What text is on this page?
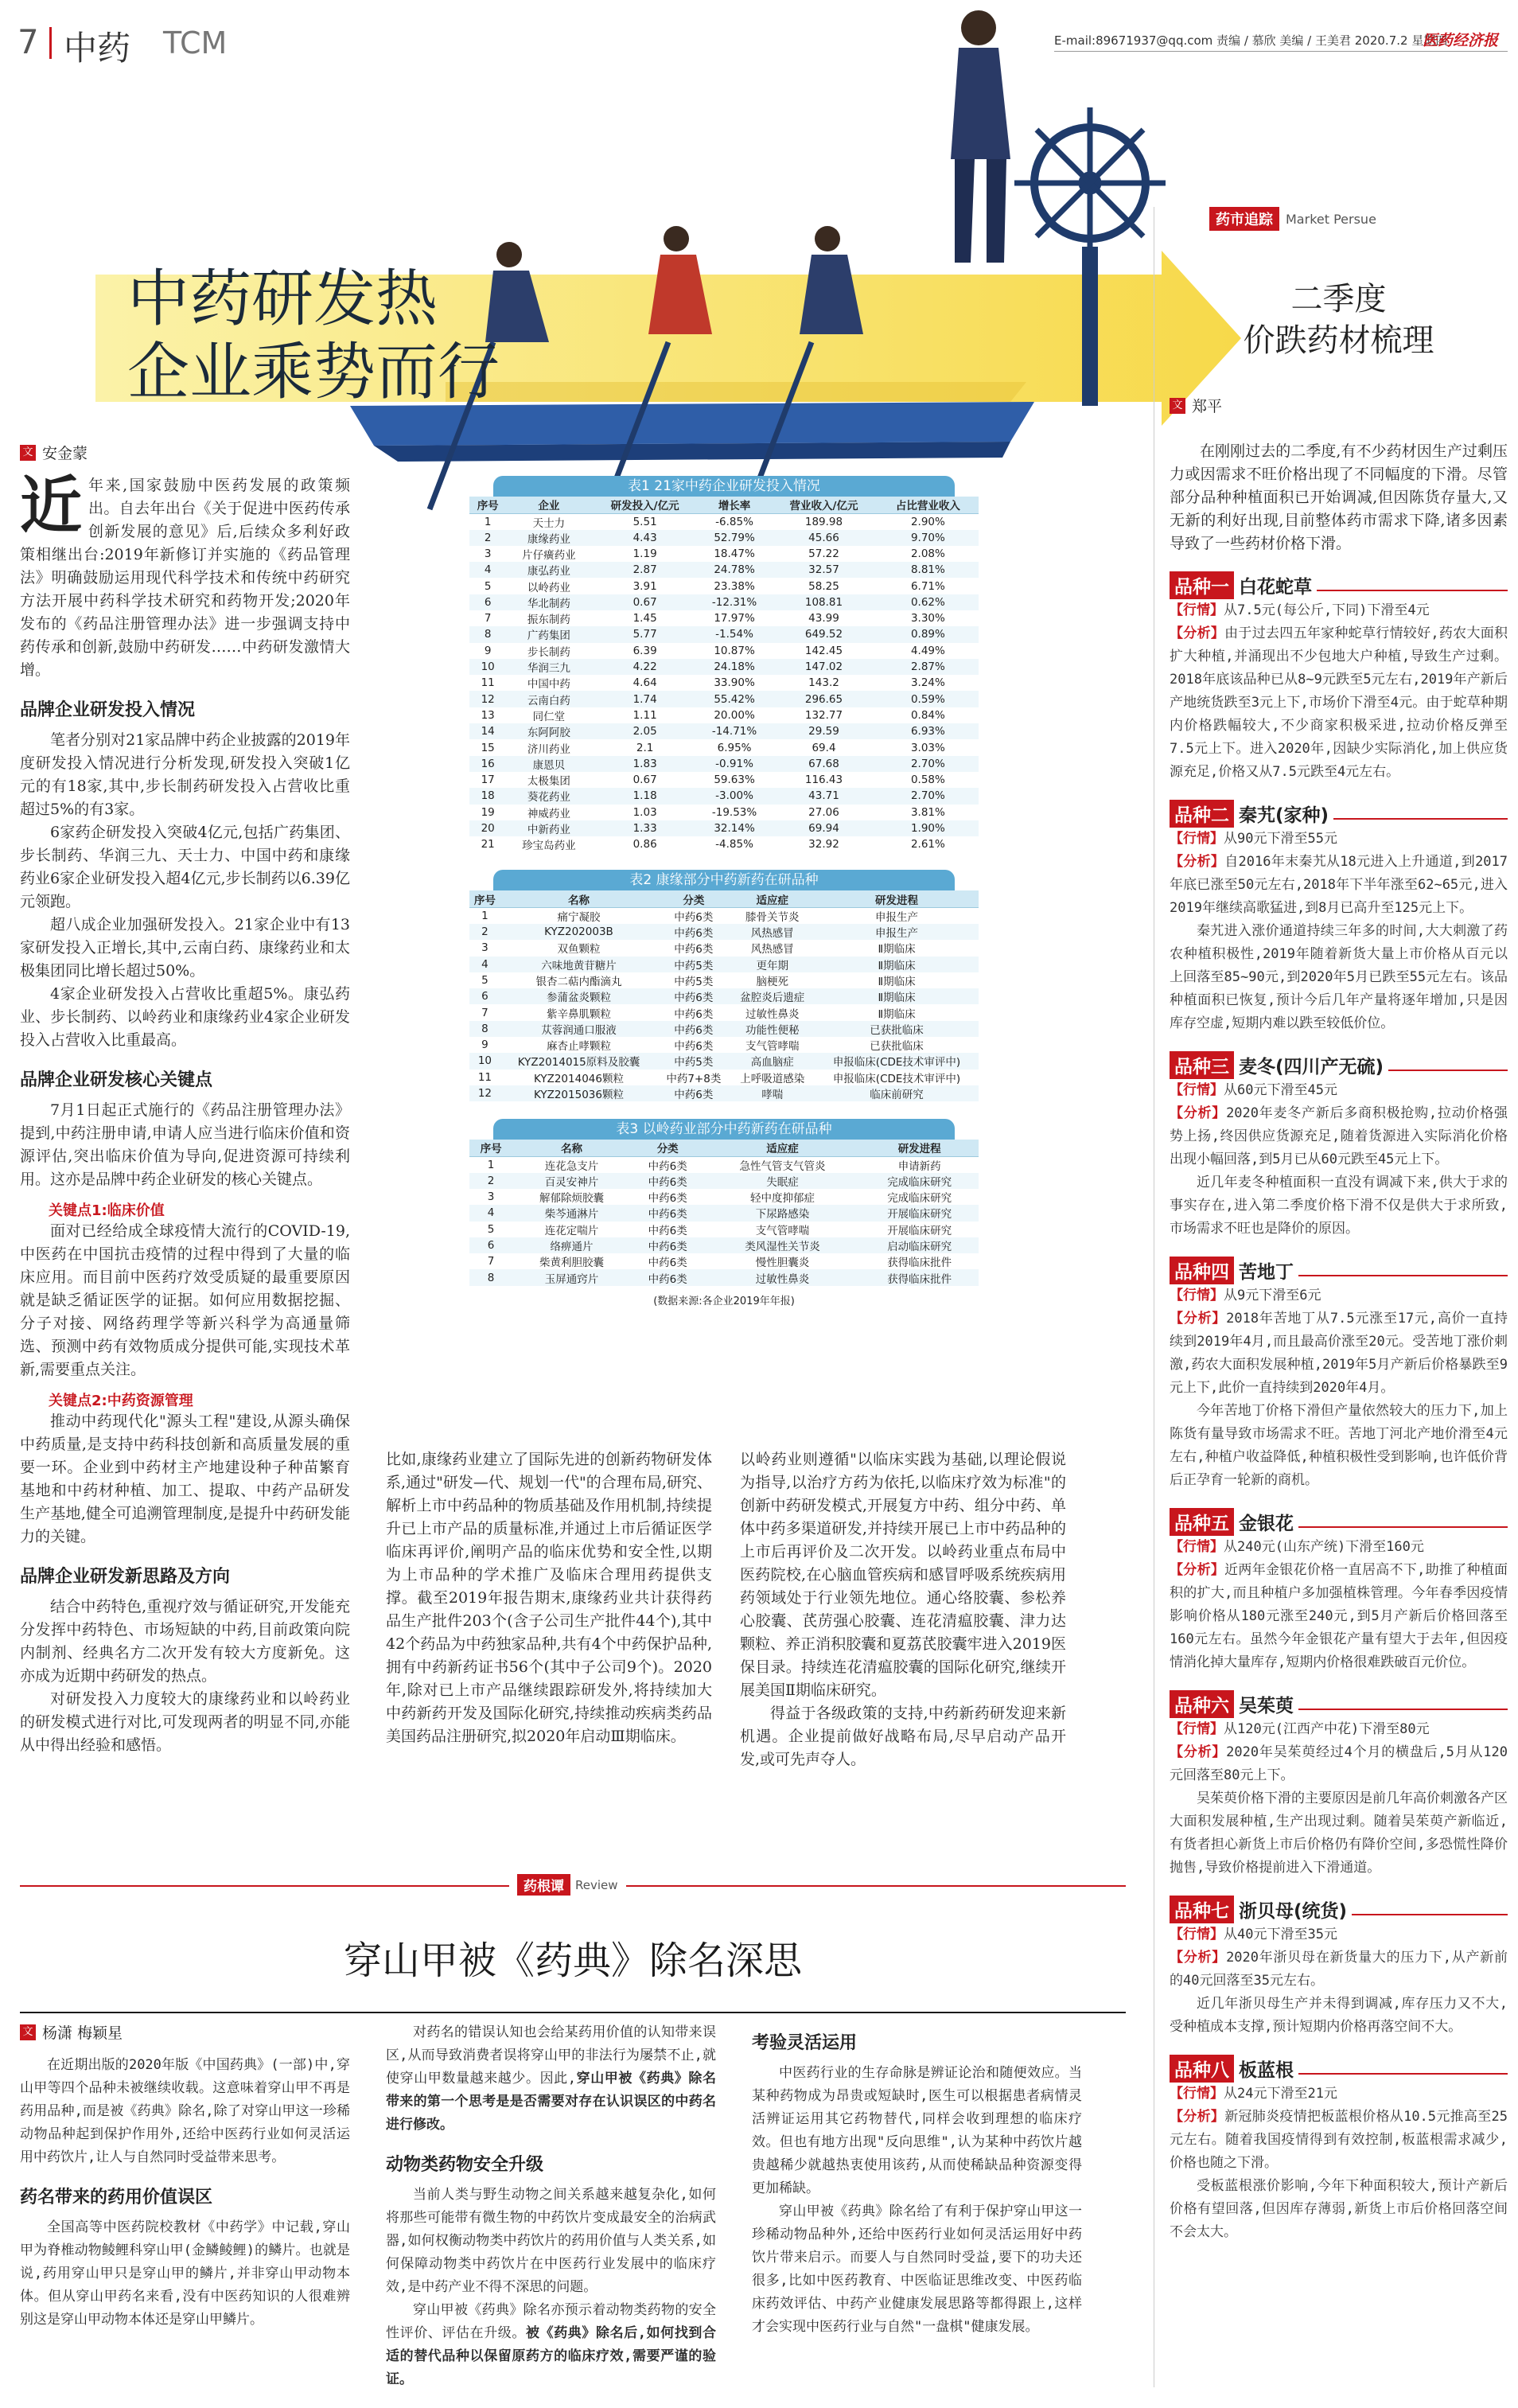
7 中药 TCM	E-mail:89671937@qq.com 责编 / 慕欣 美编 / 王美君 2020.7.2 星期四
医药经济报
中药研发热
企业乘势而行
文 安金蒙
近 年来,国家鼓励中医药发展的政策频出。自去年出台《关于促进中医药传承创新发展的意见》后,后续众多利好政策相继出台:2019年新修订并实施的《药品管理法》明确鼓励运用现代科学技术和传统中药研究方法开展中药科学技术研究和药物开发;2020年发布的《药品注册管理办法》进一步强调支持中药传承和创新,鼓励中药研发……中药研发激情大增。

品牌企业研发投入情况

笔者分别对21家品牌中药企业披露的2019年度研发投入情况进行分析发现,研发投入突破1亿元的有18家,其中,步长制药研发投入占营收比重超过5%的有3家。

6家药企研发投入突破4亿元,包括广药集团、步长制药、华润三九、天士力、中国中药和康缘药业6家企业研发投入超4亿元,步长制药以6.39亿元领跑。

超八成企业加强研发投入。21家企业中有13家研发投入正增长,其中,云南白药、康缘药业和太极集团同比增长超过50%。

4家企业研发投入占营收比重超5%。康弘药业、步长制药、以岭药业和康缘药业4家企业研发投入占营收入比重最高。

品牌企业研发核心关键点

7月1日起正式施行的《药品注册管理办法》提到,中药注册申请,申请人应当进行临床价值和资源评估,突出临床价值为导向,促进资源可持续利用。这亦是品牌中药企业研发的核心关键点。

关键点1:临床价值

面对已经给成全球疫情大流行的COVID-19,中医药在中国抗击疫情的过程中得到了大量的临床应用。而目前中医药疗效受质疑的最重要原因就是缺乏循证医学的证据。如何应用数据挖掘、分子对接、网络药理学等新兴科学为高通量筛选、预测中药有效物质成分提供可能,实现技术革新,需要重点关注。

关键点2:中药资源管理

推动中药现代化"源头工程"建设,从源头确保中药质量,是支持中药科技创新和高质量发展的重要一环。企业到中药材主产地建设种子种苗繁育基地和中药材种植、加工、提取、中药产品研发生产基地,健全可追溯管理制度,是提升中药研发能力的关键。

品牌企业研发新思路及方向

结合中药特色,重视疗效与循证研究,开发能充分发挥中药特色、市场短缺的中药,目前政策向院内制剂、经典名方二次开发有较大方度新免。这亦成为近期中药研发的热点。

对研发投入力度较大的康缘药业和以岭药业的研发模式进行对比,可发现两者的明显不同,亦能从中得出经验和感悟。

表1 21家中药企业研发投入情况
序号	企业	研发投入/亿元	增长率	营业收入/亿元	占比营业收入
1	天士力	5.51	-6.85%	189.98	2.90%
2	康缘药业	4.43	52.79%	45.66	9.70%
3	片仔癀药业	1.19	18.47%	57.22	2.08%
4	康弘药业	2.87	24.78%	32.57	8.81%
5	以岭药业	3.91	23.38%	58.25	6.71%
6	华北制药	0.67	-12.31%	108.81	0.62%
7	振东制药	1.45	17.97%	43.99	3.30%
8	广药集团	5.77	-1.54%	649.52	0.89%
9	步长制药	6.39	10.87%	142.45	4.49%
10	华润三九	4.22	24.18%	147.02	2.87%
11	中国中药	4.64	33.90%	143.2	3.24%
12	云南白药	1.74	55.42%	296.65	0.59%
13	同仁堂	1.11	20.00%	132.77	0.84%
14	东阿阿胶	2.05	-14.71%	29.59	6.93%
15	济川药业	2.1	6.95%	69.4	3.03%
16	康恩贝	1.83	-0.91%	67.68	2.70%
17	太极集团	0.67	59.63%	116.43	0.58%
18	葵花药业	1.18	-3.00%	43.71	2.70%
19	神威药业	1.03	-19.53%	27.06	3.81%
20	中新药业	1.33	32.14%	69.94	1.90%
21	珍宝岛药业	0.86	-4.85%	32.92	2.61%
表2 康缘部分中药新药在研品种
序号	名称	分类	适应症	研发进程
1	痛宁凝胶	中药6类	膝骨关节炎	申报生产
2	KYZ202003B	中药6类	风热感冒	申报生产
3	双鱼颗粒	中药6类	风热感冒	Ⅱ期临床
4	六味地黄苷糖片	中药5类	更年期	Ⅱ期临床
5	银杏二萜内酯滴丸	中药5类	脑梗死	Ⅱ期临床
6	参蒲盆炎颗粒	中药6类	盆腔炎后遗症	Ⅱ期临床
7	紫辛鼻肌颗粒	中药6类	过敏性鼻炎	Ⅱ期临床
8	苁蓉润通口服液	中药6类	功能性便秘	已获批临床
9	麻杏止哮颗粒	中药6类	支气管哮喘	已获批临床
10	KYZ2014015原料及胶囊	中药5类	高血脑症	申报临床(CDE技术审评中)
11	KYZ2014046颗粒	中药7+8类	上呼吸道感染	申报临床(CDE技术审评中)
12	KYZ2015036颗粒	中药6类	哮喘	临床前研究
表3 以岭药业部分中药新药在研品种
序号	名称	分类	适应症	研发进程
1	连花急支片	中药6类	急性气管支气管炎	申请新药
2	百灵安神片	中药6类	失眠症	完成临床研究
3	解郁除烦胶囊	中药6类	轻中度抑郁症	完成临床研究
4	柴芩通淋片	中药6类	下尿路感染	开展临床研究
5	连花定喘片	中药6类	支气管哮喘	开展临床研究
6	络痹通片	中药6类	类风湿性关节炎	启动临床研究
7	柴黄利胆胶囊	中药6类	慢性胆囊炎	获得临床批件
8	玉屏通窍片	中药6类	过敏性鼻炎	获得临床批件
(数据来源:各企业2019年年报)

比如,康缘药业建立了国际先进的创新药物研发体系,通过"研发—代、规划一代"的合理布局,研究、解析上市中药品种的物质基础及作用机制,持续提升已上市产品的质量标准,并通过上市后循证医学临床再评价,阐明产品的临床优势和安全性,以期为上市品种的学术推广及临床合理用药提供支撑。截至2019年报告期末,康缘药业共计获得药品生产批件203个(含子公司生产批件44个),其中42个药品为中药独家品种,共有4个中药保护品种,拥有中药新药证书56个(其中子公司9个)。2020年,除对已上市产品继续跟踪研发外,将持续加大中药新药开发及国际化研究,持续推动疾病类药品美国药品注册研究,拟2020年启动Ⅲ期临床。

以岭药业则遵循"以临床实践为基础,以理论假说为指导,以治疗方药为依托,以临床疗效为标准"的创新中药研发模式,开展复方中药、组分中药、单体中药多渠道研发,并持续开展已上市中药品种的上市后再评价及二次开发。以岭药业重点布局中医药院校,在心脑血管疾病和感冒呼吸系统疾病用药领域处于行业领先地位。通心络胶囊、参松养心胶囊、芪苈强心胶囊、连花清瘟胶囊、津力达颗粒、养正消积胶囊和夏荔芪胶囊牢进入2019医保目录。持续连花清瘟胶囊的国际化研究,继续开展美国Ⅱ期临床研究。

得益于各级政策的支持,中药新药研发迎来新机遇。企业提前做好战略布局,尽早启动产品开发,或可先声夺人。

药市追踪	Market Persue
二季度
价跌药材梳理
文 郑平

在刚刚过去的二季度,有不少药材因生产过剩压力或因需求不旺价格出现了不同幅度的下滑。尽管部分品种种植面积已开始调减,但因陈货存量大,又无新的利好出现,目前整体药市需求下降,诸多因素导致了一些药材价格下滑。

品种一 白花蛇草
【行情】从7.5元(每公斤,下同)下滑至4元
【分析】由于过去四五年家种蛇草行情较好,药农大面积扩大种植,并涌现出不少包地大户种植,导致生产过剩。2018年底该品种已从8~9元跌至5元左右,2019年产新后产地统货跌至3元上下,市场价下滑至4元。由于蛇草种期内价格跌幅较大,不少商家积极采进,拉动价格反弹至7.5元上下。进入2020年,因缺少实际消化,加上供应货源充足,价格又从7.5元跌至4元左右。
品种二 秦艽(家种)
【行情】从90元下滑至55元
【分析】自2016年末秦艽从18元进入上升通道,到2017年底已涨至50元左右,2018年下半年涨至62~65元,进入2019年继续高歌猛进,到8月已高升至125元上下。
秦艽进入涨价通道持续三年多的时间,大大刺激了药农种植积极性,2019年随着新货大量上市价格从百元以上回落至85~90元,到2020年5月已跌至55元左右。该品种植面积已恢复,预计今后几年产量将逐年增加,只是因库存空虚,短期内难以跌至较低价位。
品种三 麦冬(四川产无硫)
【行情】从60元下滑至45元
【分析】2020年麦冬产新后多商积极抢购,拉动价格强势上扬,终因供应货源充足,随着货源进入实际消化价格出现小幅回落,到5月已从60元跌至45元上下。
近几年麦冬种植面积一直没有调减下来,供大于求的事实存在,进入第二季度价格下滑不仅是供大于求所致,市场需求不旺也是降价的原因。
品种四 苦地丁
【行情】从9元下滑至6元
【分析】2018年苦地丁从7.5元涨至17元,高价一直持续到2019年4月,而且最高价涨至20元。受苦地丁涨价刺激,药农大面积发展种植,2019年5月产新后价格暴跌至9元上下,此价一直持续到2020年4月。
今年苦地丁价格下滑但产量依然较大的压力下,加上陈货有量导致市场需求不旺。苦地丁河北产地价滑至4元左右,种植户收益降低,种植积极性受到影响,也许低价背后正孕育一轮新的商机。
品种五 金银花
【行情】从240元(山东产统)下滑至160元
【分析】近两年金银花价格一直居高不下,助推了种植面积的扩大,而且种植户多加强植株管理。今年春季因疫情影响价格从180元涨至240元,到5月产新后价格回落至160元左右。虽然今年金银花产量有望大于去年,但因疫情消化掉大量库存,短期内价格很难跌破百元价位。
品种六 吴茱萸
【行情】从120元(江西产中花)下滑至80元
【分析】2020年吴茱萸经过4个月的横盘后,5月从120元回落至80元上下。
吴茱萸价格下滑的主要原因是前几年高价刺激各产区大面积发展种植,生产出现过剩。随着吴茱萸产新临近,有货者担心新货上市后价格仍有降价空间,多恐慌性降价抛售,导致价格提前进入下滑通道。
品种七 浙贝母(统货)
【行情】从40元下滑至35元
【分析】2020年浙贝母在新货量大的压力下,从产新前的40元回落至35元左右。
近几年浙贝母生产并未得到调减,库存压力又不大,受种植成本支撑,预计短期内价格再落空间不大。
品种八 板蓝根
【行情】从24元下滑至21元
【分析】新冠肺炎疫情把板蓝根价格从10.5元推高至25元左右。随着我国疫情得到有效控制,板蓝根需求减少,价格也随之下滑。
受板蓝根涨价影响,今年下种面积较大,预计产新后价格有望回落,但因库存薄弱,新货上市后价格回落空间不会太大。
药根谭 Review
穿山甲被《药典》除名深思
文 杨潇 梅颖星

在近期出版的2020年版《中国药典》(一部)中,穿山甲等四个品种未被继续收载。这意味着穿山甲不再是药用品种,而是被《药典》除名,除了对穿山甲这一珍稀动物品种起到保护作用外,还给中医药行业如何灵活运用中药饮片,让人与自然同时受益带来思考。

药名带来的药用价值误区

全国高等中医药院校教材《中药学》中记载,穿山甲为脊椎动物鲮鲤科穿山甲(金鳞鲮鲤)的鳞片。也就是说,药用穿山甲只是穿山甲的鳞片,并非穿山甲动物本体。但从穿山甲药名来看,没有中医药知识的人很难辨别这是穿山甲动物本体还是穿山甲鳞片。

对药名的错误认知也会给某药用价值的认知带来误区,从而导致消费者误将穿山甲的非法行为屡禁不止,就使穿山甲数量越来越少。因此,穿山甲被《药典》除名带来的第一个思考是是否需要对存在认识误区的中药名进行修改。

动物类药物安全升级

当前人类与野生动物之间关系越来越复杂化,如何将那些可能带有微生物的中药饮片变成最安全的治病武器,如何权衡动物类中药饮片的药用价值与人类关系,如何保障动物类中药饮片在中医药行业发展中的临床疗效,是中药产业不得不深思的问题。

穿山甲被《药典》除名亦预示着动物类药物的安全性评价、评估在升级。被《药典》除名后,如何找到合适的替代品种以保留原药方的临床疗效,需要严谨的验证。

考验灵活运用

中医药行业的生存命脉是辨证论治和随便效应。当某种药物成为昂贵或短缺时,医生可以根据患者病情灵活辨证运用其它药物替代,同样会收到理想的临床疗效。但也有地方出现"反向思维",认为某种中药饮片越贵越稀少就越热衷使用该药,从而使稀缺品种资源变得更加稀缺。

穿山甲被《药典》除名给了有利于保护穿山甲这一珍稀动物品种外,还给中医药行业如何灵活运用好中药饮片带来启示。而要人与自然同时受益,要下的功夫还很多,比如中医药教育、中医临证思维改变、中医药临床药效评估、中药产业健康发展思路等都得跟上,这样才会实现中医药行业与自然"一盘棋"健康发展。
